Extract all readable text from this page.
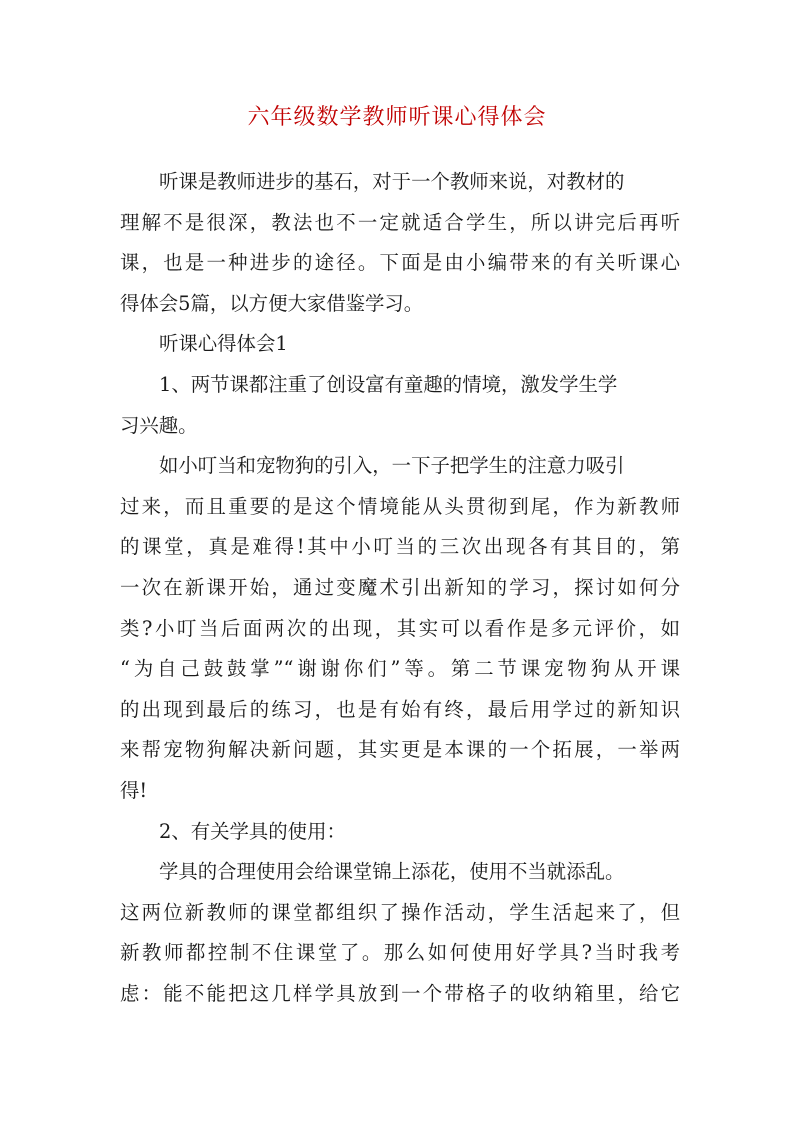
六年级数学教师听课心得体会
听课是教师进步的基石，对于一个教师来说，对教材的
理解不是很深，教法也不一定就适合学生，所以讲完后再听
课，也是一种进步的途径。下面是由小编带来的有关听课心
得体会5篇，以方便大家借鉴学习。
听课心得体会1
1、两节课都注重了创设富有童趣的情境，激发学生学
习兴趣。
如小叮当和宠物狗的引入，一下子把学生的注意力吸引
过来，而且重要的是这个情境能从头贯彻到尾，作为新教师
的课堂，真是难得!其中小叮当的三次出现各有其目的，第
一次在新课开始，通过变魔术引出新知的学习，探讨如何分
类?小叮当后面两次的出现，其实可以看作是多元评价，如
“为自己鼓鼓掌”“谢谢你们”等。第二节课宠物狗从开课
的出现到最后的练习，也是有始有终，最后用学过的新知识
来帮宠物狗解决新问题，其实更是本课的一个拓展，一举两
得!
2、有关学具的使用：
学具的合理使用会给课堂锦上添花，使用不当就添乱。
这两位新教师的课堂都组织了操作活动，学生活起来了，但
新教师都控制不住课堂了。那么如何使用好学具?当时我考
虑：能不能把这几样学具放到一个带格子的收纳箱里，给它
